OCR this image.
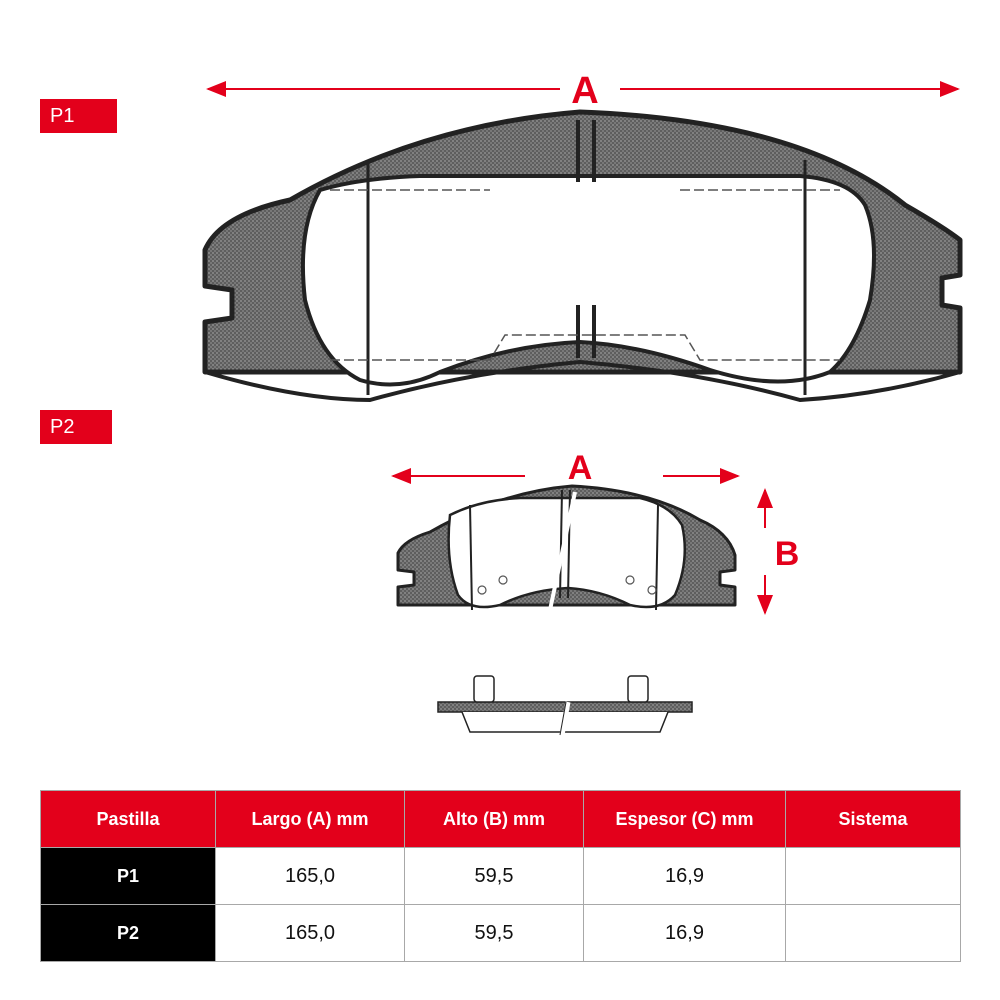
A
A
B
P1
P2
Pastilla	Largo (A) mm	Alto (B) mm	Espesor (C) mm	Sistema
P1	165,0	59,5	16,9	
P2	165,0	59,5	16,9	
